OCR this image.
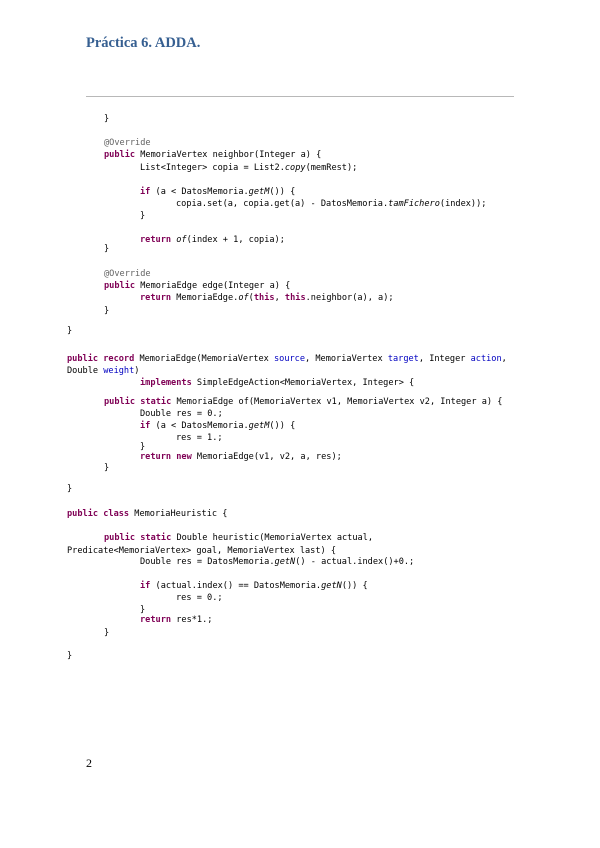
Práctica 6. ADDA.
}
@Override
public MemoriaVertex neighbor(Integer a) {
List<Integer> copia = List2.copy(memRest);
if (a < DatosMemoria.getM()) {
copia.set(a, copia.get(a) - DatosMemoria.tamFichero(index));
}
return of(index + 1, copia);
}
@Override
public MemoriaEdge edge(Integer a) {
return MemoriaEdge.of(this, this.neighbor(a), a);
}
}
public record MemoriaEdge(MemoriaVertex source, MemoriaVertex target, Integer action,
Double weight)
implements SimpleEdgeAction<MemoriaVertex, Integer> {
public static MemoriaEdge of(MemoriaVertex v1, MemoriaVertex v2, Integer a) {
Double res = 0.;
if (a < DatosMemoria.getM()) {
res = 1.;
}
return new MemoriaEdge(v1, v2, a, res);
}
}
public class MemoriaHeuristic {
public static Double heuristic(MemoriaVertex actual,
Predicate<MemoriaVertex> goal, MemoriaVertex last) {
Double res = DatosMemoria.getN() - actual.index()+0.;
if (actual.index() == DatosMemoria.getN()) {
res = 0.;
}
return res*1.;
}
}
2
